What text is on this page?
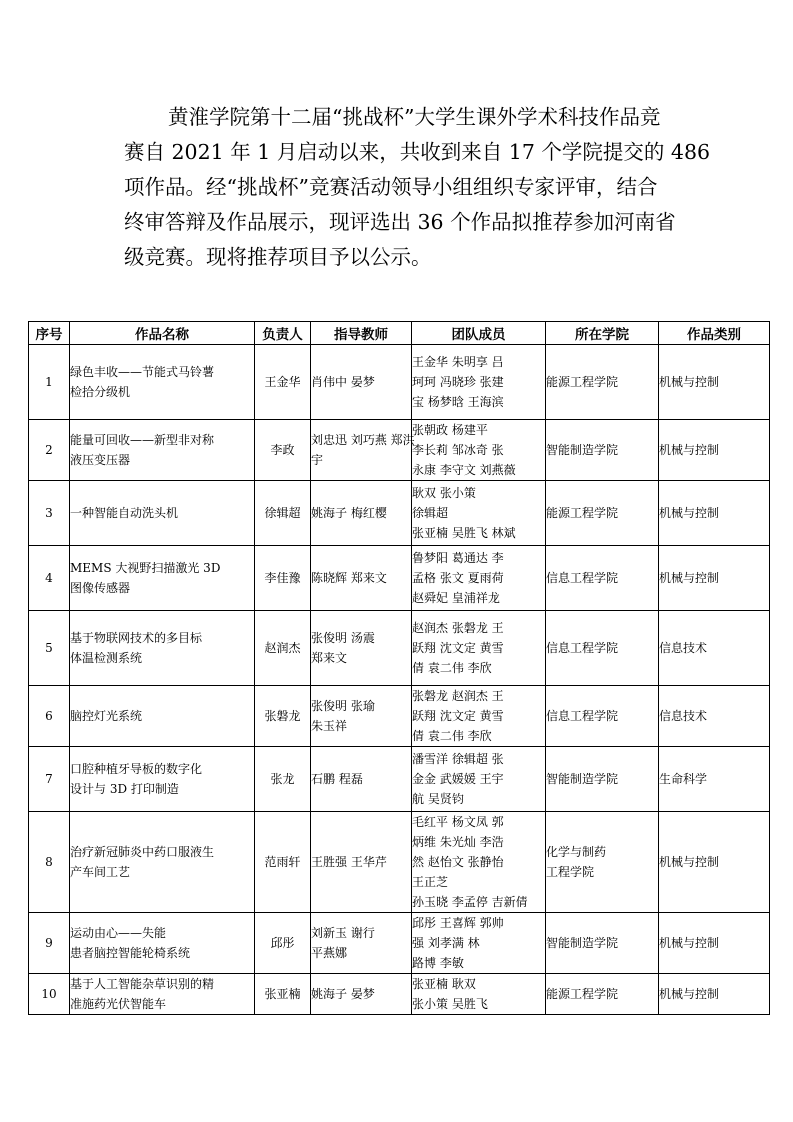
黄淮学院第十二届“挑战杯”大学生课外学术科技作品竞
赛自 2021 年 1 月启动以来，共收到来自 17 个学院提交的 486
项作品。经“挑战杯”竞赛活动领导小组组织专家评审，结合
终审答辩及作品展示，现评选出 36 个作品拟推荐参加河南省
级竞赛。现将推荐项目予以公示。
序号	作品名称	负责人	指导教师	团队成员	所在学院	作品类别
1	绿色丰收——节能式马铃薯
检拾分级机	王金华	肖伟中 晏梦	王金华 朱明享 吕
珂珂 冯晓珍 张建
宝 杨梦晗 王海滨	能源工程学院	机械与控制
2	能量可回收——新型非对称
液压变压器	李政	刘忠迅 刘巧燕 郑洪
宇	张朝政 杨建平
李长莉 邹冰奇 张
永康 李守文 刘燕薇	智能制造学院	机械与控制
3	一种智能自动洗头机	徐辑超	姚海子 梅红樱	耿双 张小策
徐辑超
张亚楠 吴胜飞 林斌	能源工程学院	机械与控制
4	MEMS 大视野扫描激光 3D
图像传感器	李佳豫	陈晓辉 郑来文	鲁梦阳 葛通达 李
孟格 张文 夏雨荷
赵舜妃 皇浦祥龙	信息工程学院	机械与控制
5	基于物联网技术的多目标
体温检测系统	赵润杰	张俊明 汤震
郑来文	赵润杰 张磐龙 王
跃翔 沈文定 黄雪
倩 袁二伟 李欣	信息工程学院	信息技术
6	脑控灯光系统	张磐龙	张俊明 张瑜
朱玉祥	张磐龙 赵润杰 王
跃翔 沈文定 黄雪
倩 袁二伟 李欣	信息工程学院	信息技术
7	口腔种植牙导板的数字化
设计与 3D 打印制造	张龙	石鹏 程磊	潘雪洋 徐辑超 张
金金 武媛媛 王宇
航 吴贤钧	智能制造学院	生命科学
8	治疗新冠肺炎中药口服液生
产车间工艺	范雨轩	王胜强 王华芹	毛红平 杨文凤 郭
炳维 朱光灿 李浩
然 赵怡文 张静怡
王正芝
孙玉晓 李孟停 吉新倩	化学与制药
工程学院	机械与控制
9	运动由心——失能
患者脑控智能轮椅系统	邱彤	刘新玉 谢行
平燕娜	邱彤 王喜辉 郭帅
强 刘孝满 林
路博 李敏	智能制造学院	机械与控制
10	基于人工智能杂草识别的精
准施药光伏智能车	张亚楠	姚海子 晏梦	张亚楠 耿双
张小策 吴胜飞	能源工程学院	机械与控制
